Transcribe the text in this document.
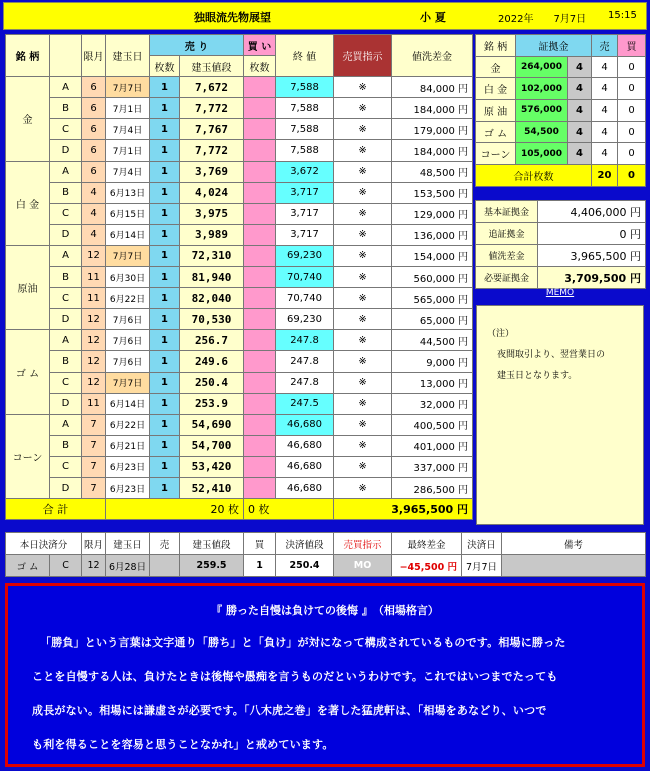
独眼流先物展望	小 夏	2022年　　7月7日 15:15
銘 柄		限月	建玉日	売 り		買 い	終 値	売買指示	値洗差金
				枚数	建玉値段	枚数			
金	A	6	7月7日	1	7,672		7,588	※	84,000 円
	B	6	7月1日	1	7,772		7,588	※	184,000 円
	C	6	7月4日	1	7,767		7,588	※	179,000 円
	D	6	7月1日	1	7,772		7,588	※	184,000 円
白 金	A	6	7月4日	1	3,769		3,672	※	48,500 円
	B	4	6月13日	1	4,024		3,717	※	153,500 円
	C	4	6月15日	1	3,975		3,717	※	129,000 円
	D	4	6月14日	1	3,989		3,717	※	136,000 円
原油	A	12	7月7日	1	72,310		69,230	※	154,000 円
	B	11	6月30日	1	81,940		70,740	※	560,000 円
	C	11	6月22日	1	82,040		70,740	※	565,000 円
	D	12	7月6日	1	70,530		69,230	※	65,000 円
ゴ ム	A	12	7月6日	1	256.7		247.8	※	44,500 円
	B	12	7月6日	1	249.6		247.8	※	9,000 円
	C	12	7月7日	1	250.4		247.8	※	13,000 円
	D	11	6月14日	1	253.9		247.5	※	32,000 円
コーン	A	7	6月22日	1	54,690		46,680	※	400,500 円
	B	7	6月21日	1	54,700		46,680	※	401,000 円
	C	7	6月23日	1	53,420		46,680	※	337,000 円
	D	7	6月23日	1	52,410		46,680	※	286,500 円
合 計			20 枚			0 枚		3,965,500 円	
銘 柄	証拠金		売	買
金	264,000	4	4	0
白 金	102,000	4	4	0
原 油	576,000	4	4	0
ゴ ム	54,500	4	4	0
コーン	105,000	4	4	0
合計枚数			20	0
基本証拠金	4,406,000 円
追証拠金	0 円
値洗差金	3,965,500 円
必要証拠金	3,709,500 円
MEMO
（注）
夜間取引より、翌営業日の
建玉日となります。
本日決済分		限月	建玉日	売	建玉値段	買	決済値段	売買指示	最終差金	決済日	備考
ゴ ム	C	12	6月28日		259.5	1	250.4	MO	−45,500 円	7月7日	
『 勝った自慢は負けての後悔 』　（相場格言）
「勝負」という言葉は文字通り「勝ち」と「負け」が対になって構成されているものです。相場に勝った
ことを自慢する人は、負けたときは後悔や愚痴を言うものだというわけです。これではいつまでたっても
成長がない。相場には謙虚さが必要です。「八木虎之巻」を著した猛虎軒は、「相場をあなどり、いつで
も利を得ることを容易と思うことなかれ」と戒めています。
